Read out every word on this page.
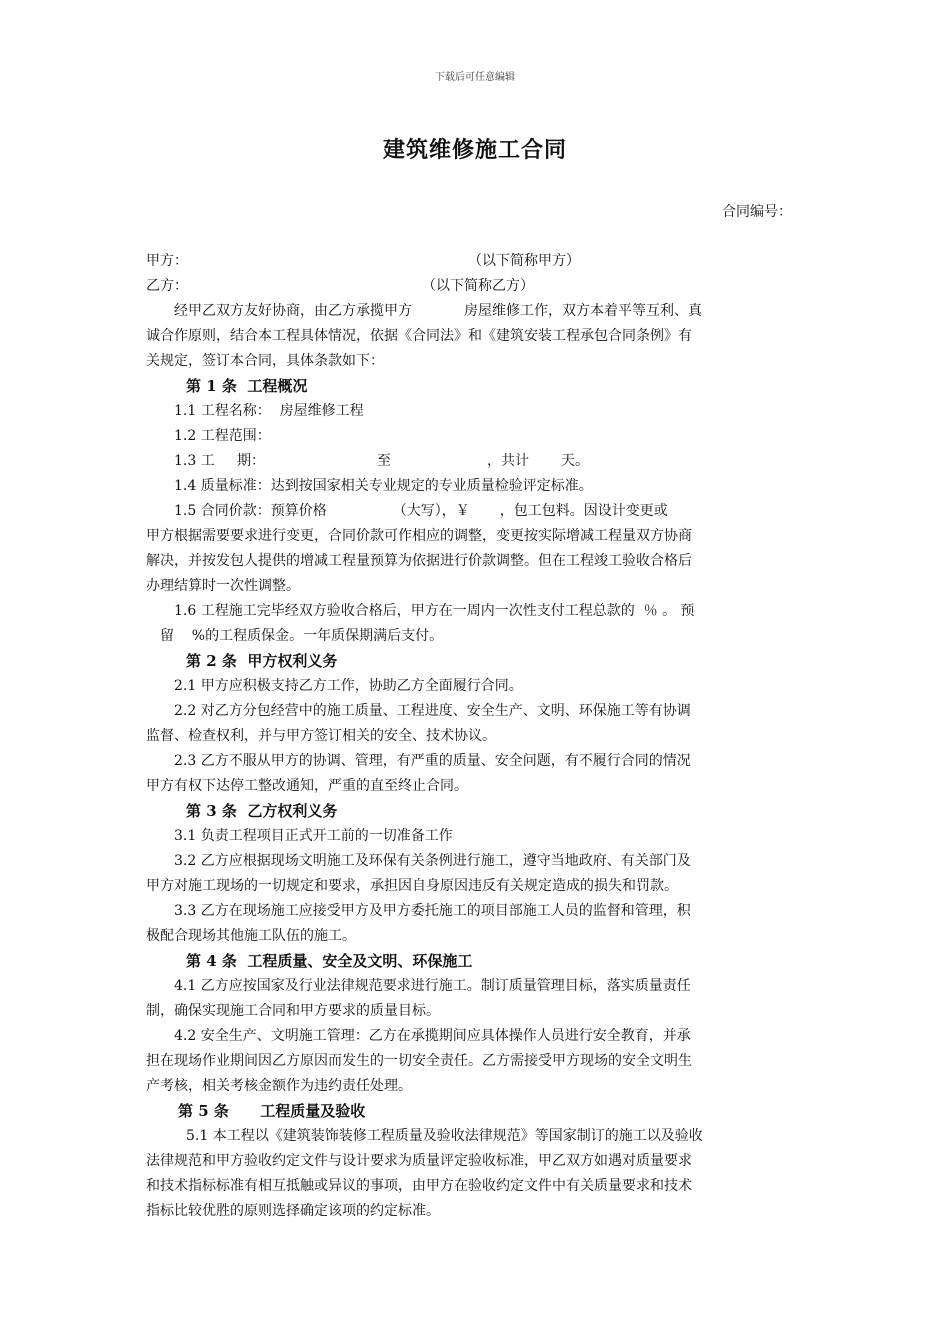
下载后可任意编辑
建筑维修施工合同
合同编号：

甲方：

	（以下简称甲方）

乙方：

	（以下简称乙方）

经甲乙双方友好协商，由乙方承揽甲方	房屋维修工作，双方本着平等互利、真
诚合作原则，结合本工程具体情况，依据《合同法》和《建筑安装工程承包合同条例》有
关规定，签订本合同，具体条款如下：
第 1 条  工程概况
1.1 工程名称：  房屋维修工程
1.2 工程范围：
1.3 工     期：	至	，共计 天。
1.4 质量标准：达到按国家相关专业规定的专业质量检验评定标准。
1.5 合同价款：预算价格	（大写），￥ ，包工包料。因设计变更或
甲方根据需要要求进行变更，合同价款可作相应的调整，变更按实际增减工程量双方协商
解决，并按发包人提供的增减工程量预算为依据进行价款调整。但在工程竣工验收合格后
办理结算时一次性调整。
1.6 工程施工完毕经双方验收合格后，甲方在一周内一次性支付工程总款的  ％ 。 预
留    %的工程质保金。一年质保期满后支付。
第 2 条  甲方权利义务
2.1 甲方应积极支持乙方工作，协助乙方全面履行合同。
2.2 对乙方分包经营中的施工质量、工程进度、安全生产、文明、环保施工等有协调
监督、检查权利，并与甲方签订相关的安全、技术协议。
2.3 乙方不服从甲方的协调、管理，有严重的质量、安全问题，有不履行合同的情况
甲方有权下达停工整改通知，严重的直至终止合同。
第 3 条  乙方权利义务
3.1 负责工程项目正式开工前的一切准备工作
3.2 乙方应根据现场文明施工及环保有关条例进行施工，遵守当地政府、有关部门及
甲方对施工现场的一切规定和要求，承担因自身原因违反有关规定造成的损失和罚款。
3.3 乙方在现场施工应接受甲方及甲方委托施工的项目部施工人员的监督和管理，积
极配合现场其他施工队伍的施工。
第 4 条  工程质量、安全及文明、环保施工
4.1 乙方应按国家及行业法律规范要求进行施工。制订质量管理目标，落实质量责任
制，确保实现施工合同和甲方要求的质量目标。
4.2 安全生产、文明施工管理：乙方在承揽期间应具体操作人员进行安全教育，并承
担在现场作业期间因乙方原因而发生的一切安全责任。乙方需接受甲方现场的安全文明生
产考核，相关考核金额作为违约责任处理。
第 5 条      工程质量及验收
5.1 本工程以《建筑装饰装修工程质量及验收法律规范》等国家制订的施工以及验收
法律规范和甲方验收约定文件与设计要求为质量评定验收标准，甲乙双方如遇对质量要求
和技术指标标准有相互抵触或异议的事项，由甲方在验收约定文件中有关质量要求和技术
指标比较优胜的原则选择确定该项的约定标准。
